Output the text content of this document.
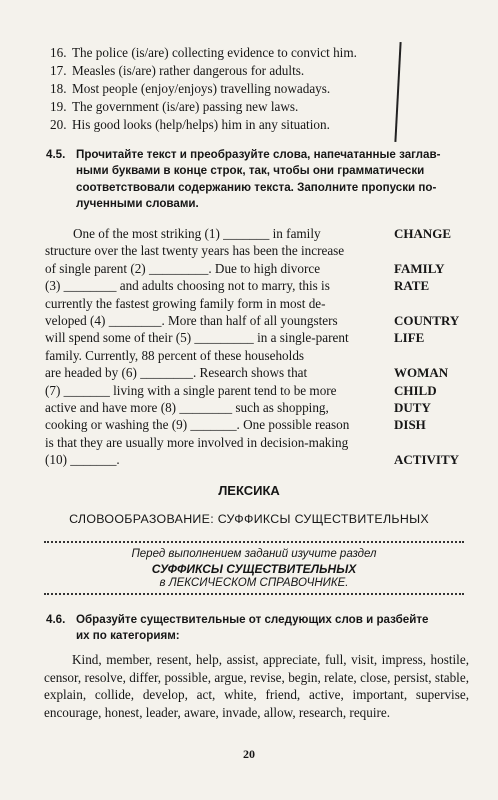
16. The police (is/are) collecting evidence to convict him.
17. Measles (is/are) rather dangerous for adults.
18. Most people (enjoy/enjoys) travelling nowadays.
19. The government (is/are) passing new laws.
20. His good looks (help/helps) him in any situation.
4.5. Прочитайте текст и преобразуйте слова, напечатанные заглав-
ными буквами в конце строк, так, чтобы они грамматически
соответствовали содержанию текста. Заполните пропуски по-
лученными словами.
One of the most striking (1) _______ in family
structure over the last twenty years has been the increase
of single parent (2) _________. Due to high divorce
(3) ________ and adults choosing not to marry, this is
currently the fastest growing family form in most de-
veloped (4) ________. More than half of all youngsters
will spend some of their (5) _________ in a single-parent
family. Currently, 88 percent of these households
are headed by (6) ________. Research shows that
(7) _______ living with a single parent tend to be more
active and have more (8) ________ such as shopping,
cooking or washing the (9) _______. One possible reason
is that they are usually more involved in decision-making
(10) _______.
CHANGE
FAMILY
RATE
COUNTRY
LIFE
WOMAN
CHILD
DUTY
DISH
ACTIVITY
ЛЕКСИКА
СЛОВООБРАЗОВАНИЕ: СУФФИКСЫ СУЩЕСТВИТЕЛЬНЫХ
Перед выполнением заданий изучите раздел
СУФФИКСЫ СУЩЕСТВИТЕЛЬНЫХ
в ЛЕКСИЧЕСКОМ СПРАВОЧНИКЕ.
4.6. Образуйте существительные от следующих слов и разбейте
их по категориям:
Kind, member, resent, help, assist, appreciate, full, visit, impress, hostile, censor, resolve, differ, possible, argue, revise, begin, relate, close, persist, stable, explain, collide, develop, act, white, friend, active, important, supervise, encourage, honest, leader, aware, invade, allow, research, require.
20
